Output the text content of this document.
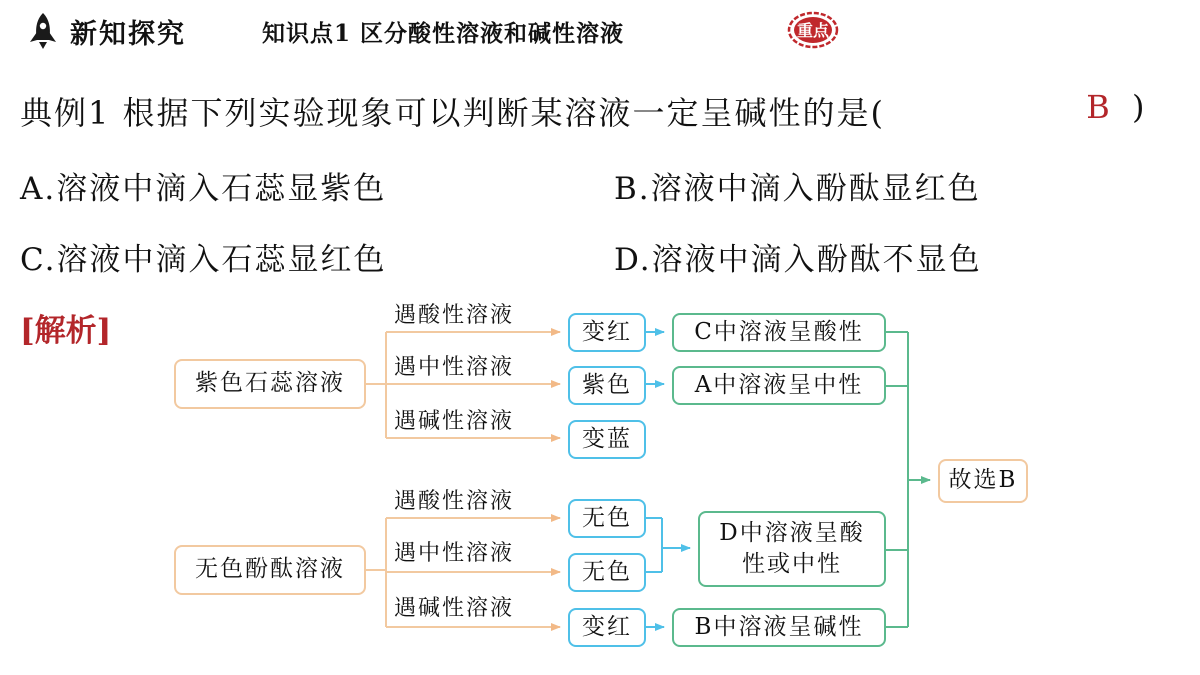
新知探究	知识点1 区分酸性溶液和碱性溶液	重点
典例1 根据下列实验现象可以判断某溶液一定呈碱性的是(	B )
A.溶液中滴入石蕊显紫色	B.溶液中滴入酚酞显红色
C.溶液中滴入石蕊显红色	D.溶液中滴入酚酞不显色
[解析]
紫色石蕊溶液
遇酸性溶液
遇中性溶液
遇碱性溶液
变红
紫色
变蓝
C中溶液呈酸性
A中溶液呈中性
无色酚酞溶液
遇酸性溶液
遇中性溶液
遇碱性溶液
无色
无色
变红
D中溶液呈酸
性或中性
B中溶液呈碱性
故选B
